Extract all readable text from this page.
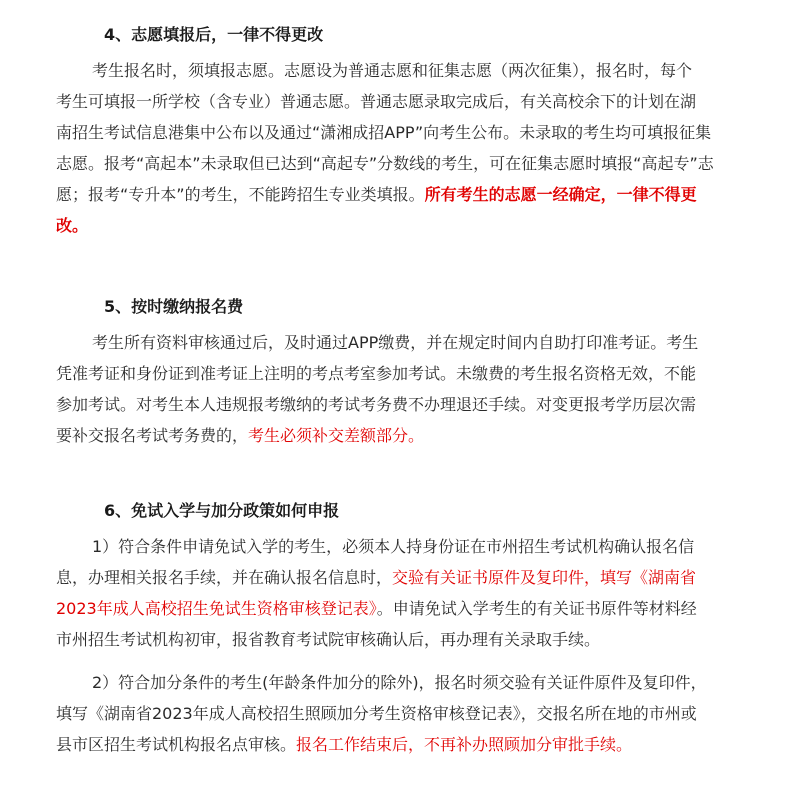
4、志愿填报后，一律不得更改
考生报名时，须填报志愿。志愿设为普通志愿和征集志愿（两次征集），报名时，每个
考生可填报一所学校（含专业）普通志愿。普通志愿录取完成后，有关高校余下的计划在湖
南招生考试信息港集中公布以及通过“潇湘成招APP”向考生公布。未录取的考生均可填报征集
志愿。报考“高起本”未录取但已达到“高起专”分数线的考生，可在征集志愿时填报“高起专”志
愿；报考“专升本”的考生，不能跨招生专业类填报。所有考生的志愿一经确定，一律不得更
改。
5、按时缴纳报名费
考生所有资料审核通过后，及时通过APP缴费，并在规定时间内自助打印准考证。考生
凭准考证和身份证到准考证上注明的考点考室参加考试。未缴费的考生报名资格无效，不能
参加考试。对考生本人违规报考缴纳的考试考务费不办理退还手续。对变更报考学历层次需
要补交报名考试考务费的，考生必须补交差额部分。
6、免试入学与加分政策如何申报
1）符合条件申请免试入学的考生，必须本人持身份证在市州招生考试机构确认报名信
息，办理相关报名手续，并在确认报名信息时，交验有关证书原件及复印件，填写《湖南省
2023年成人高校招生免试生资格审核登记表》。申请免试入学考生的有关证书原件等材料经
市州招生考试机构初审，报省教育考试院审核确认后，再办理有关录取手续。
2）符合加分条件的考生(年龄条件加分的除外)，报名时须交验有关证件原件及复印件，
填写《湖南省2023年成人高校招生照顾加分考生资格审核登记表》，交报名所在地的市州或
县市区招生考试机构报名点审核。报名工作结束后，不再补办照顾加分审批手续。
